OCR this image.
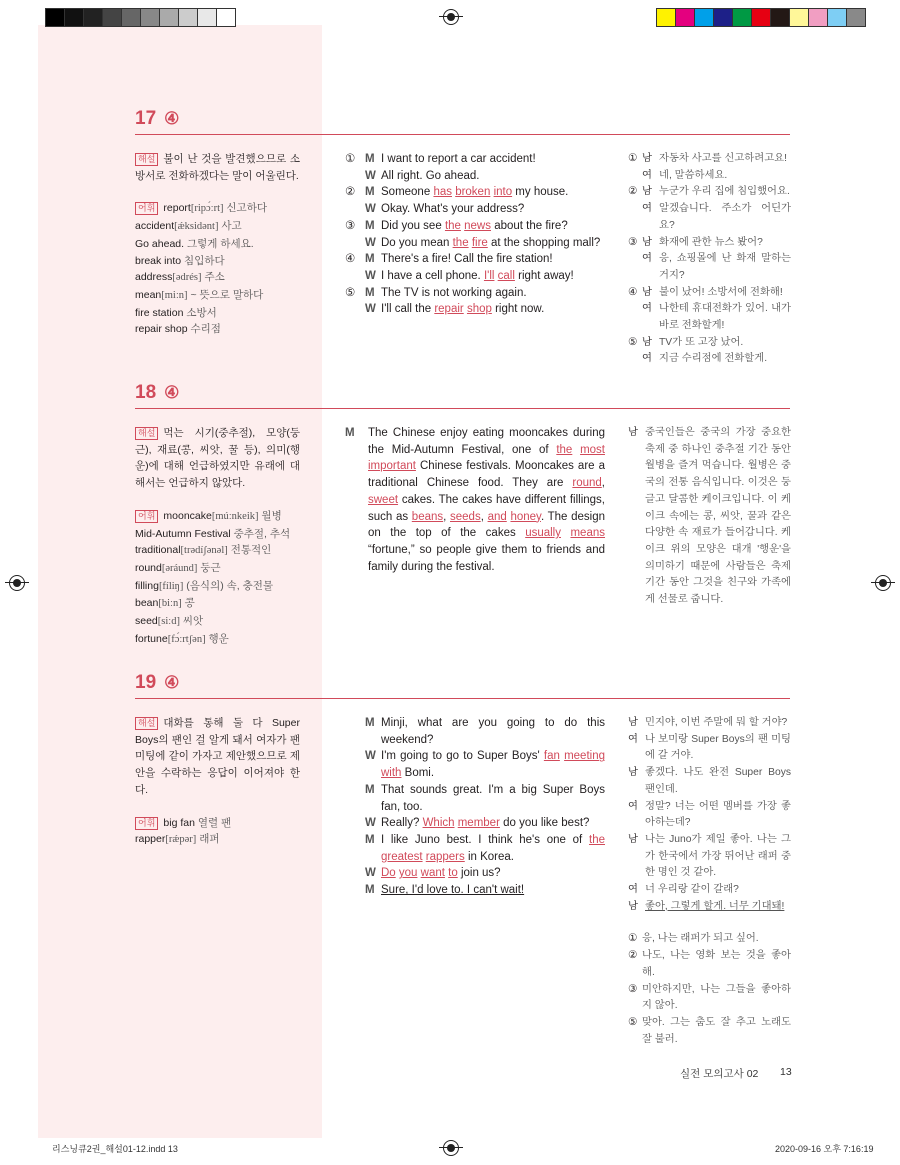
17 ④
해설 불이 난 것을 발견했으므로 소방서로 전화하겠다는 말이 어울린다.
어휘 report[ripɔ́ːrt] 신고하다
accident[ǽksidənt] 사고
Go ahead. 그렇게 하세요.
break into 침입하다
address[ədrés] 주소
mean[miːn] ~ 뜻으로 말하다
fire station 소방서
repair shop 수리점
① M I want to report a car accident!
W All right. Go ahead.
② M Someone has broken into my house.
W Okay. What's your address?
③ M Did you see the news about the fire?
W Do you mean the fire at the shopping mall?
④ M There's a fire! Call the fire station!
W I have a cell phone. I'll call right away!
⑤ M The TV is not working again.
W I'll call the repair shop right now.
① 남 자동차 사고를 신고하려고요!
여 네, 말씀하세요.
② 남 누군가 우리 집에 침입했어요.
여 알겠습니다. 주소가 어딘가요?
③ 남 화재에 관한 뉴스 봤어?
여 응, 쇼핑몰에 난 화재 말하는 거지?
④ 남 불이 났어! 소방서에 전화해!
여 나한테 휴대전화가 있어. 내가 바로 전화할게!
⑤ 남 TV가 또 고장 났어.
여 지금 수리점에 전화할게.
18 ④
해설 먹는 시기(중추절), 모양(둥근), 재료(콩, 씨앗, 꿀 등), 의미(행운)에 대해 언급하였지만 유래에 대해서는 언급하지 않았다.
어휘 mooncake[múːnkeik] 월병
Mid-Autumn Festival 중추절, 추석
traditional[trədíʃənəl] 전통적인
round[əráund] 둥근
filling[fíliŋ] (음식의) 속, 충전물
bean[biːn] 콩
seed[siːd] 씨앗
fortune[fɔ́ːrtʃən] 행운
M	The Chinese enjoy eating mooncakes during the Mid-Autumn Festival, one of the most important Chinese festivals. Mooncakes are a traditional Chinese food. They are round, sweet cakes. The cakes have different fillings, such as beans, seeds, and honey. The design on the top of the cakes usually means “fortune,” so people give them to friends and family during the festival.
남 중국인들은 중국의 가장 중요한 축제 중 하나인 중추절 기간 동안 월병을 즐겨 먹습니다. 월병은 중국의 전통 음식입니다. 이것은 둥글고 달콤한 케이크입니다. 이 케이크 속에는 콩, 씨앗, 꿀과 같은 다양한 속 재료가 들어갑니다. 케이크 위의 모양은 대개 '행운'을 의미하기 때문에 사람들은 축제 기간 동안 그것을 친구와 가족에게 선물로 줍니다.
19 ④
해설 대화를 통해 둘 다 Super Boys의 팬인 걸 알게 돼서 여자가 팬 미팅에 같이 가자고 제안했으므로 제안을 수락하는 응답이 이어져야 한다.
어휘 big fan 열렬 팬
rapper[rǽpər] 래퍼
M Minji, what are you going to do this weekend?
W I'm going to go to Super Boys' fan meeting with Bomi.
M That sounds great. I'm a big Super Boys fan, too.
W Really? Which member do you like best?
M I like Juno best. I think he's one of the greatest rappers in Korea.
W Do you want to join us?
M Sure, I'd love to. I can't wait!
남 민지야, 이번 주말에 뭐 할 거야?
여 나 보미랑 Super Boys의 팬 미팅에 갈 거야.
남 좋겠다. 나도 완전 Super Boys 팬인데.
여 정말? 너는 어떤 멤버를 가장 좋아하는데?
남 나는 Juno가 제일 좋아. 나는 그가 한국에서 가장 뛰어난 래퍼 중 한 명인 것 같아.
여 너 우리랑 같이 갈래?
남 좋아, 그렇게 할게. 너무 기대돼!
① 응, 나는 래퍼가 되고 싶어.
② 나도, 나는 영화 보는 것을 좋아해.
③ 미안하지만, 나는 그들을 좋아하지 않아.
⑤ 맞아. 그는 춤도 잘 추고 노래도 잘 불러.
실전 모의고사 02 13
리스닝큐2권_해설01-12.indd 13	2020-09-16 오후 7:16:19
